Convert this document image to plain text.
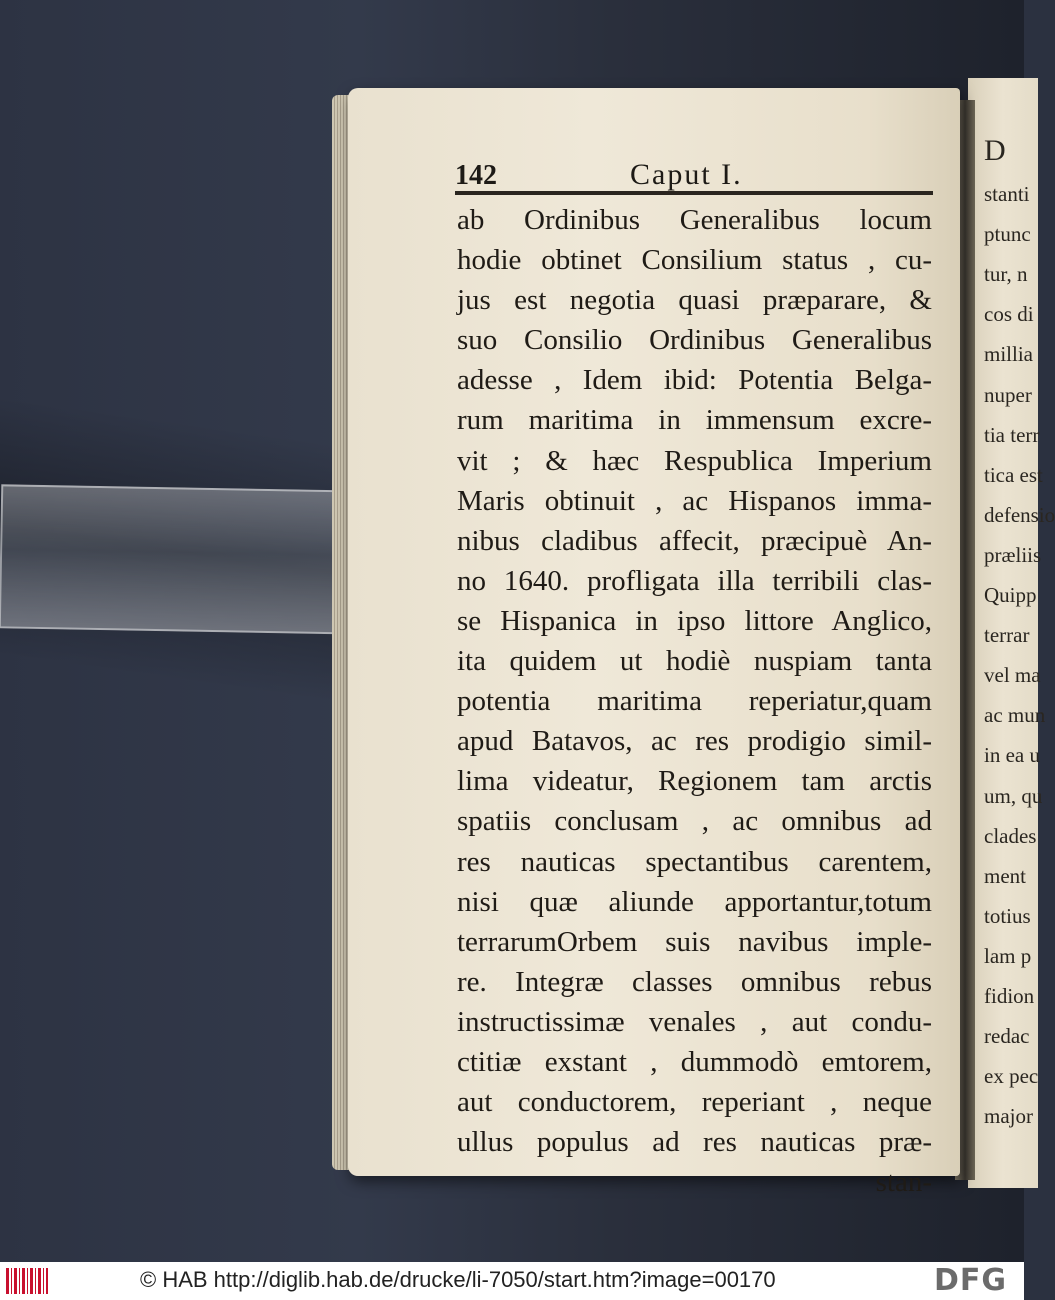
142	Caput I.
ab Ordinibus Generalibus locum
hodie obtinet Consilium status , cu-
jus est negotia quasi præparare, &
suo Consilio Ordinibus Generalibus
adesse , Idem ibid: Potentia Belga-
rum maritima in immensum excre-
vit ; & hæc Respublica Imperium
Maris obtinuit , ac Hispanos imma-
nibus cladibus affecit, præcipuè An-
no 1640. profligata illa terribili clas-
se Hispanica in ipso littore Anglico,
ita quidem ut hodiè nuspiam tanta
potentia maritima reperiatur,quam
apud Batavos, ac res prodigio simil-
lima videatur, Regionem tam arctis
spatiis conclusam , ac omnibus ad
res nauticas spectantibus carentem,
nisi quæ aliunde apportantur,totum
terrarumOrbem suis navibus imple-
re. Integræ classes omnibus rebus
instructissimæ venales , aut condu-
ctitiæ exstant , dummodò emtorem,
aut conductorem, reperiant , neque
ullus populus ad res nauticas præ-
stan-
D
stanti
ptunc
tur, n
cos di
millia
nuper
tia terr
tica est
defensio
præliis
Quipp
terrar
vel ma
ac mun
in ea u
um, qu
clades
ment
totius
lam p
fidion
redac
ex pec
major
© HAB http://diglib.hab.de/drucke/li-7050/start.htm?image=00170	DFG
